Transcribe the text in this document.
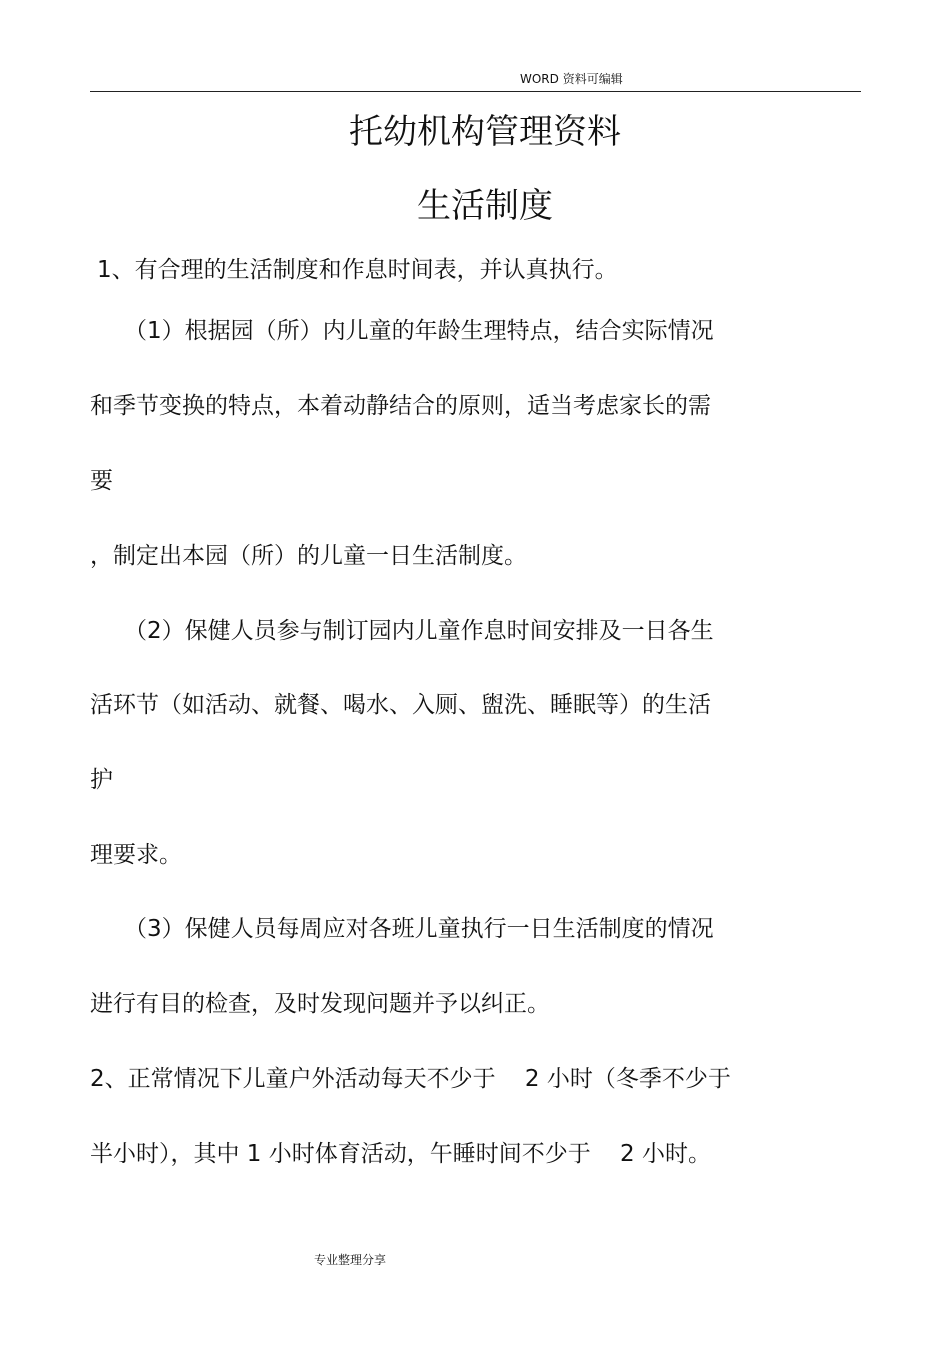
WORD 资料可编辑
托幼机构管理资料
生活制度
1、有合理的生活制度和作息时间表，并认真执行。
（1）根据园（所）内儿童的年龄生理特点，结合实际情况
和季节变换的特点，本着动静结合的原则，适当考虑家长的需
要
，制定出本园（所）的儿童一日生活制度。
（2）保健人员参与制订园内儿童作息时间安排及一日各生
活环节（如活动、就餐、喝水、入厕、盥洗、睡眠等）的生活
护
理要求。
（3）保健人员每周应对各班儿童执行一日生活制度的情况
进行有目的检查，及时发现问题并予以纠正。
2、正常情况下儿童户外活动每天不少于    2 小时（冬季不少于
半小时），其中 1 小时体育活动，午睡时间不少于    2 小时。
专业整理分享
